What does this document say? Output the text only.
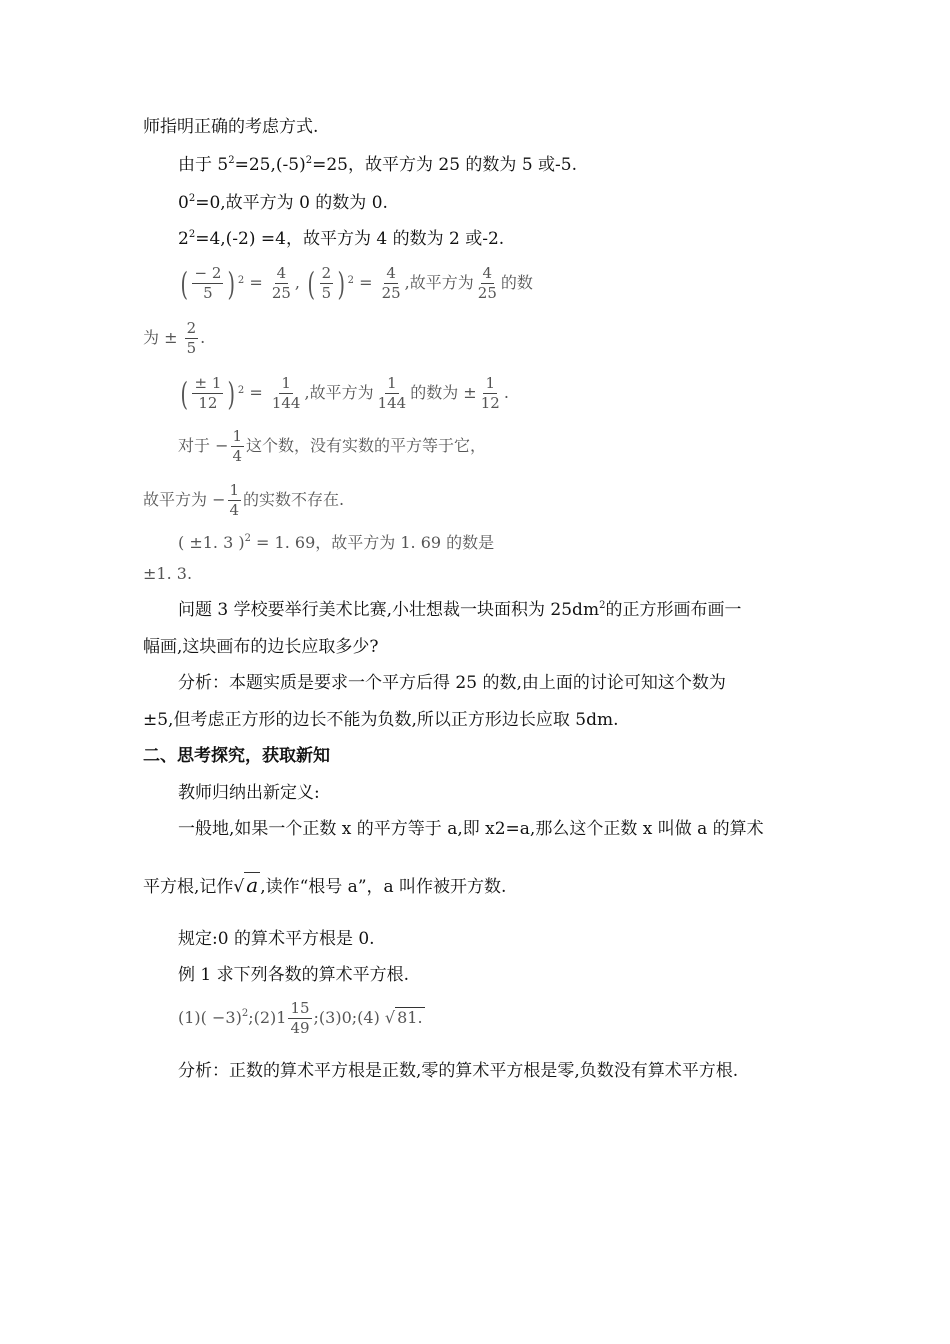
师指明正确的考虑方式.
由于 $5^2=25,(-5)^2=25$，故平方为 25 的数为 5 或-5.
$0^2=0$,故平方为 0 的数为 0.
$2^2=4,(-2) =4$，故平方为 4 的数为 2 或-2.
( $\frac{- 2}{5}$ ) $2 = \frac{4}{25}$ , ( $\frac{2}{5}$ ) $2 = \frac{4}{25}$ ,故平方为 $\frac{4}{25}$ 的数
为 ± $\frac{2}{5}$ .
( $\frac{\pm 1}{12}$ ) $2 = \frac{1}{144}$ ,故平方为 $\frac{1}{144}$ 的数为 ± $\frac{1}{12}$ .
对于 − $\frac{1}{4}$ 这个数，没有实数的平方等于它，
故平方为 − $\frac{1}{4}$ 的实数不存在.
( ±1. 3 )$^2$ = 1. 69，故平方为 1. 69 的数是
±1. 3.
问题 3 学校要举行美术比赛,小壮想裁一块面积为 $25dm^2$的正方形画布画一
幅画,这块画布的边长应取多少?
分析：本题实质是要求一个平方后得 25 的数,由上面的讨论可知这个数为
±5,但考虑正方形的边长不能为负数,所以正方形边长应取 5dm.
二、思考探究，获取新知
教师归纳出新定义:
一般地,如果一个正数 x 的平方等于 a,即 x2=a,那么这个正数 x 叫做 a 的算术
平方根,记作√ a ,读作“根号 a”，a 叫作被开方数.
规定:0 的算术平方根是 0.
例 1 求下列各数的算术平方根.
$(1)( -3)^2;(2)1 \frac{15}{49}$ ;(3)0;(4) √ 81.
分析：正数的算术平方根是正数,零的算术平方根是零,负数没有算术平方根.
